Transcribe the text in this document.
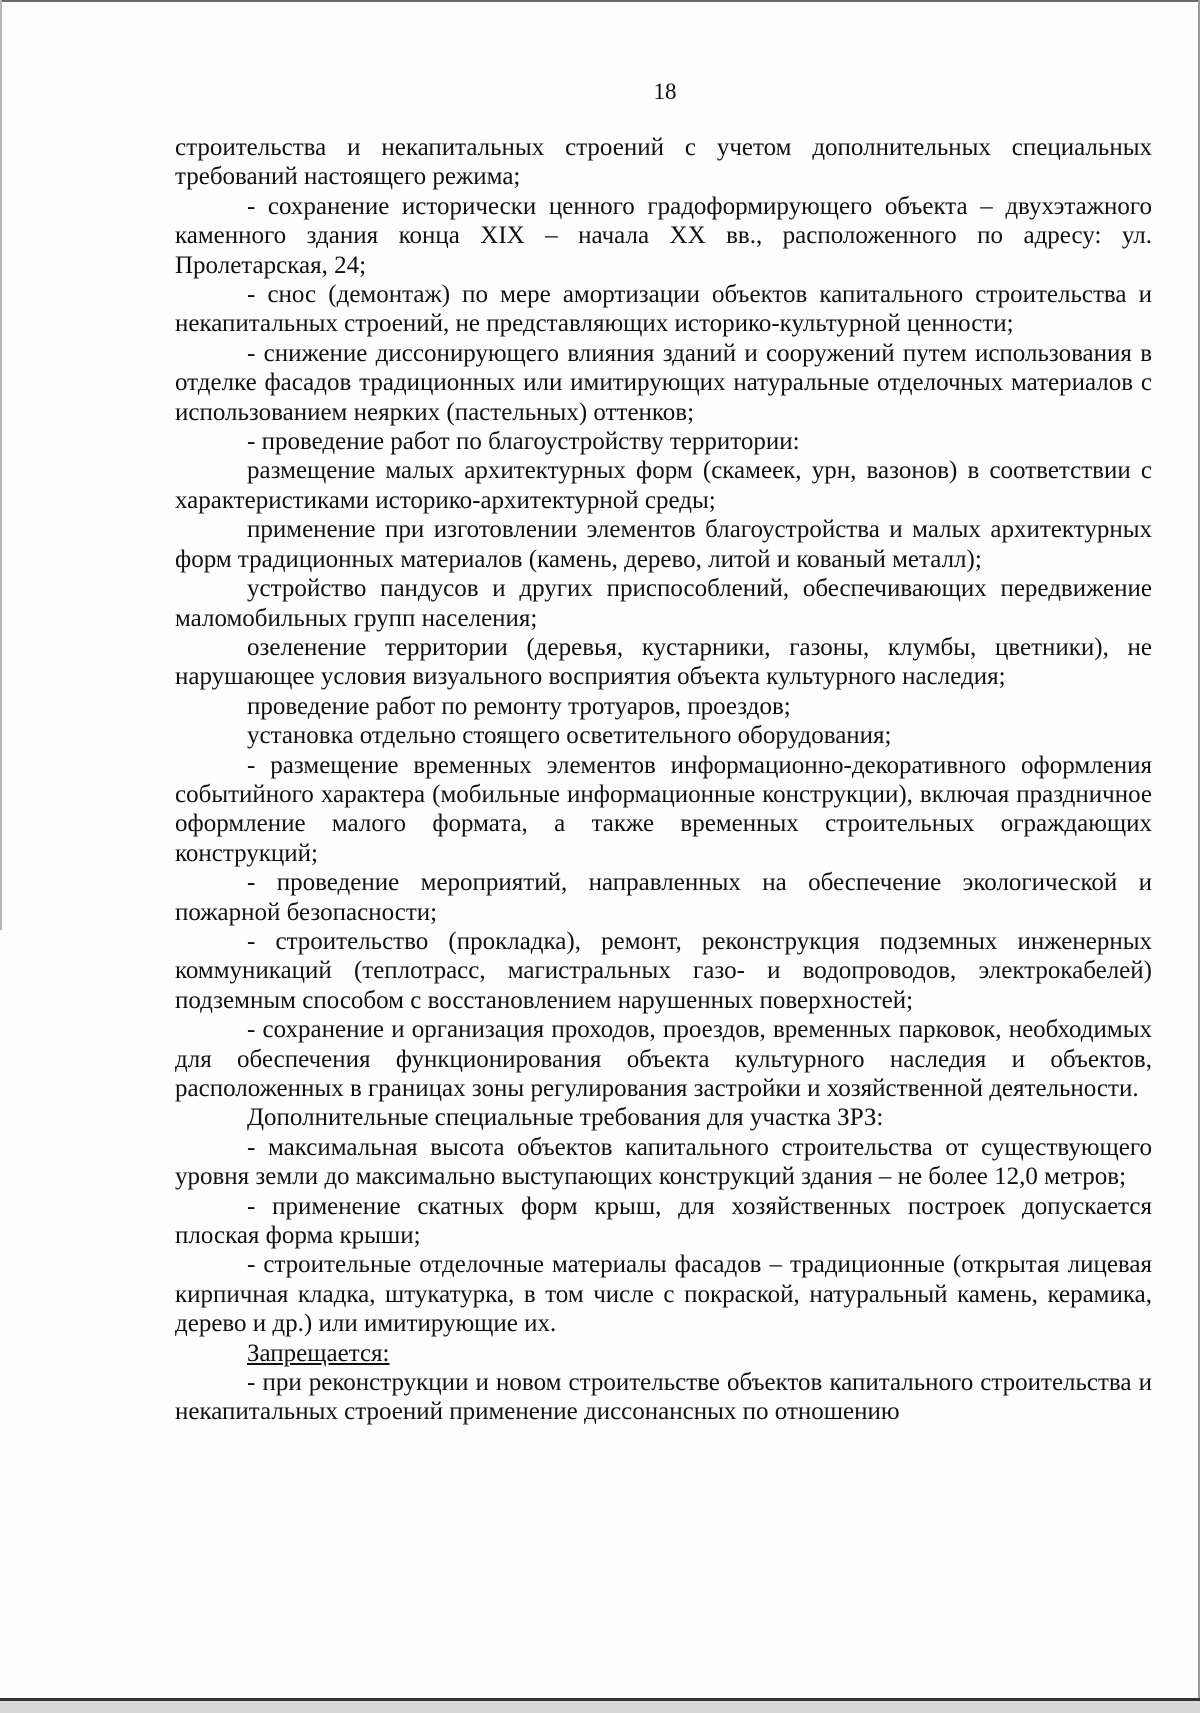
18

строительства и некапитальных строений с учетом дополнительных специальных требований настоящего режима;

- сохранение исторически ценного градоформирующего объекта – двухэтажного каменного здания конца XIX – начала XX вв., расположенного по адресу: ул. Пролетарская, 24;

- снос (демонтаж) по мере амортизации объектов капитального строительства и некапитальных строений, не представляющих историко-культурной ценности;

- снижение диссонирующего влияния зданий и сооружений путем использования в отделке фасадов традиционных или имитирующих натуральные отделочных материалов с использованием неярких (пастельных) оттенков;

- проведение работ по благоустройству территории:

размещение малых архитектурных форм (скамеек, урн, вазонов) в соответствии с характеристиками историко-архитектурной среды;

применение при изготовлении элементов благоустройства и малых архитектурных форм традиционных материалов (камень, дерево, литой и кованый металл);

устройство пандусов и других приспособлений, обеспечивающих передвижение маломобильных групп населения;

озеленение территории (деревья, кустарники, газоны, клумбы, цветники), не нарушающее условия визуального восприятия объекта культурного наследия;

проведение работ по ремонту тротуаров, проездов;

установка отдельно стоящего осветительного оборудования;

- размещение временных элементов информационно-декоративного оформления событийного характера (мобильные информационные конструкции), включая праздничное оформление малого формата, а также временных строительных ограждающих конструкций;

- проведение мероприятий, направленных на обеспечение экологической и пожарной безопасности;

- строительство (прокладка), ремонт, реконструкция подземных инженерных коммуникаций (теплотрасс, магистральных газо- и водопроводов, электрокабелей) подземным способом с восстановлением нарушенных поверхностей;

- сохранение и организация проходов, проездов, временных парковок, необходимых для обеспечения функционирования объекта культурного наследия и объектов, расположенных в границах зоны регулирования застройки и хозяйственной деятельности.

Дополнительные специальные требования для участка ЗРЗ:

- максимальная высота объектов капитального строительства от существующего уровня земли до максимально выступающих конструкций здания – не более 12,0 метров;

- применение скатных форм крыш, для хозяйственных построек допускается плоская форма крыши;

- строительные отделочные материалы фасадов – традиционные (открытая лицевая кирпичная кладка, штукатурка, в том числе с покраской, натуральный камень, керамика, дерево и др.) или имитирующие их.

Запрещается:

- при реконструкции и новом строительстве объектов капитального строительства и некапитальных строений применение диссонансных по отношению
